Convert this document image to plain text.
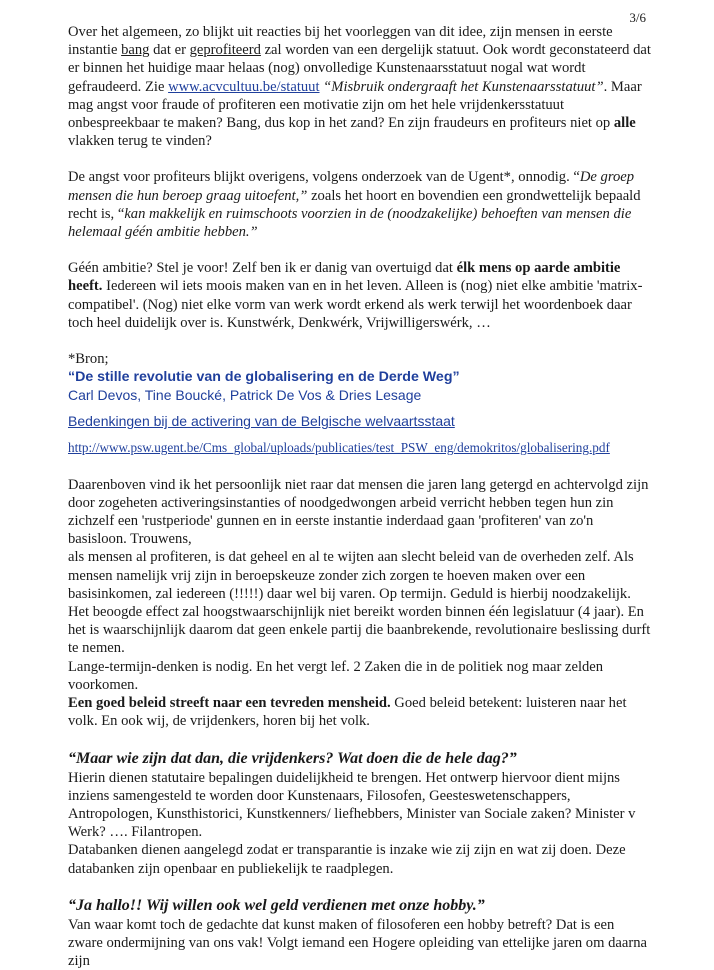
3/6

Over het algemeen, zo blijkt uit reacties bij het voorleggen van dit idee, zijn mensen in eerste instantie bang dat er geprofiteerd zal worden van een dergelijk statuut. Ook wordt geconstateerd dat er binnen het huidige maar helaas (nog) onvolledige Kunstenaarsstatuut nogal wat wordt gefraudeerd. Zie www.acvcultuu.be/statuut “Misbruik ondergraaft het Kunstenaarsstatuut”. Maar mag angst voor fraude of profiteren een motivatie zijn om het hele vrijdenkersstatuut onbespreekbaar te maken? Bang, dus kop in het zand? En zijn fraudeurs en profiteurs niet op alle vlakken terug te vinden?

De angst voor profiteurs blijkt overigens, volgens onderzoek van de Ugent*, onnodig. “De groep mensen die hun beroep graag uitoefent,” zoals het hoort en bovendien een grondwettelijk bepaald recht is, “kan makkelijk en ruimschoots voorzien in de (noodzakelijke) behoeften van mensen die helemaal géén ambitie hebben.”

Géén ambitie? Stel je voor! Zelf ben ik er danig van overtuigd dat élk mens op aarde ambitie heeft. Iedereen wil iets moois maken van en in het leven. Alleen is (nog) niet elke ambitie 'matrix-compatibel'. (Nog) niet elke vorm van werk wordt erkend als werk terwijl het woordenboek daar toch heel duidelijk over is. Kunstwérk, Denkwérk, Vrijwilligerswérk, …

*Bron;

“De stille revolutie van de globalisering en de Derde Weg”

Carl Devos, Tine Boucké, Patrick De Vos & Dries Lesage

Bedenkingen bij de activering van de Belgische welvaartsstaat

http://www.psw.ugent.be/Cms_global/uploads/publicaties/test_PSW_eng/demokritos/globalisering.pdf

Daarenboven vind ik het persoonlijk niet raar dat mensen die jaren lang getergd en achtervolgd zijn door zogeheten activeringsinstanties of noodgedwongen arbeid verricht hebben tegen hun zin zichzelf een 'rustperiode' gunnen en in eerste instantie inderdaad gaan 'profiteren' van zo'n basisloon. Trouwens,

als mensen al profiteren, is dat geheel en al te wijten aan slecht beleid van de overheden zelf. Als mensen namelijk vrij zijn in beroepskeuze zonder zich zorgen te hoeven maken over een basisinkomen, zal iedereen (!!!!!) daar wel bij varen. Op termijn. Geduld is hierbij noodzakelijk. Het beoogde effect zal hoogstwaarschijnlijk niet bereikt worden binnen één legislatuur (4 jaar). En het is waarschijnlijk daarom dat geen enkele partij die baanbrekende, revolutionaire beslissing durft te nemen.

Lange-termijn-denken is nodig. En het vergt lef. 2 Zaken die in de politiek nog maar zelden voorkomen.

Een goed beleid streeft naar een tevreden mensheid. Goed beleid betekent: luisteren naar het volk. En ook wij, de vrijdenkers, horen bij het volk.

“Maar wie zijn dat dan, die vrijdenkers? Wat doen die de hele dag?”

Hierin dienen statutaire bepalingen duidelijkheid te brengen. Het ontwerp hiervoor dient mijns inziens samengesteld te worden door Kunstenaars, Filosofen, Geesteswetenschappers, Antropologen, Kunsthistorici, Kunstkenners/ liefhebbers, Minister van Sociale zaken? Minister v Werk? …. Filantropen.

Databanken dienen aangelegd zodat er transparantie is inzake wie zij zijn en wat zij doen. Deze databanken zijn openbaar en publiekelijk te raadplegen.

“Ja hallo!! Wij willen ook wel geld verdienen met onze hobby.”

Van waar komt toch de gedachte dat kunst maken of filosoferen een hobby betreft? Dat is een zware ondermijning van ons vak! Volgt iemand een Hogere opleiding van ettelijke jaren om daarna zijn
